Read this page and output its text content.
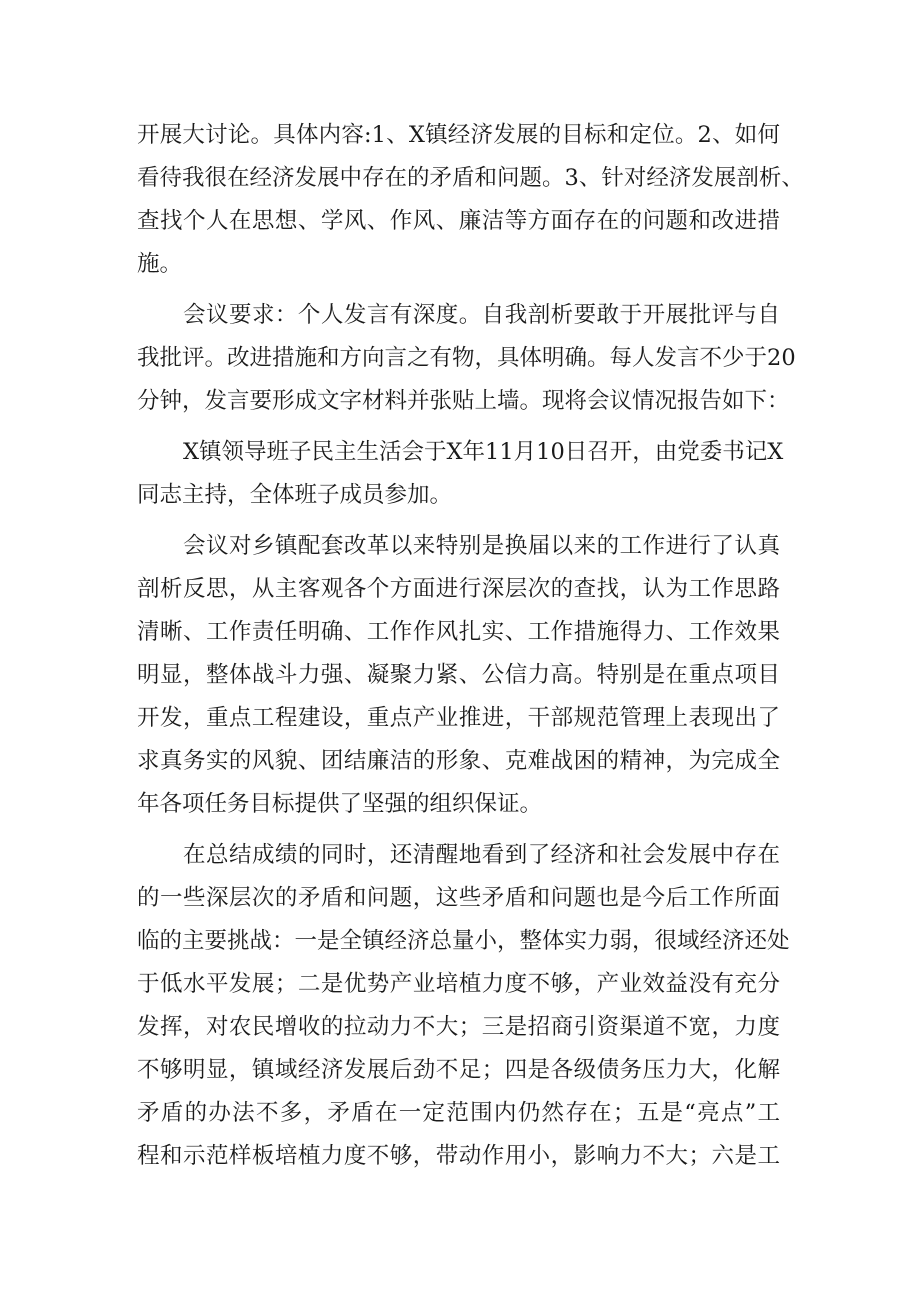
开展大讨论。具体内容:1、X镇经济发展的目标和定位。2、如何

看待我很在经济发展中存在的矛盾和问题。3、针对经济发展剖析、

查找个人在思想、学风、作风、廉洁等方面存在的问题和改进措

施。

会议要求：个人发言有深度。自我剖析要敢于开展批评与自

我批评。改进措施和方向言之有物，具体明确。每人发言不少于20

分钟，发言要形成文字材料并张贴上墙。现将会议情况报告如下：

X镇领导班子民主生活会于X年11月10日召开，由党委书记X

同志主持，全体班子成员参加。

会议对乡镇配套改革以来特别是换届以来的工作进行了认真

剖析反思，从主客观各个方面进行深层次的查找，认为工作思路

清晰、工作责任明确、工作作风扎实、工作措施得力、工作效果

明显，整体战斗力强、凝聚力紧、公信力高。特别是在重点项目

开发，重点工程建设，重点产业推进，干部规范管理上表现出了

求真务实的风貌、团结廉洁的形象、克难战困的精神，为完成全

年各项任务目标提供了坚强的组织保证。

在总结成绩的同时，还清醒地看到了经济和社会发展中存在

的一些深层次的矛盾和问题，这些矛盾和问题也是今后工作所面

临的主要挑战：一是全镇经济总量小，整体实力弱，很域经济还处

于低水平发展；二是优势产业培植力度不够，产业效益没有充分

发挥，对农民增收的拉动力不大；三是招商引资渠道不宽，力度

不够明显，镇域经济发展后劲不足；四是各级债务压力大，化解

矛盾的办法不多，矛盾在一定范围内仍然存在；五是“亮点”工

程和示范样板培植力度不够，带动作用小，影响力不大；六是工
